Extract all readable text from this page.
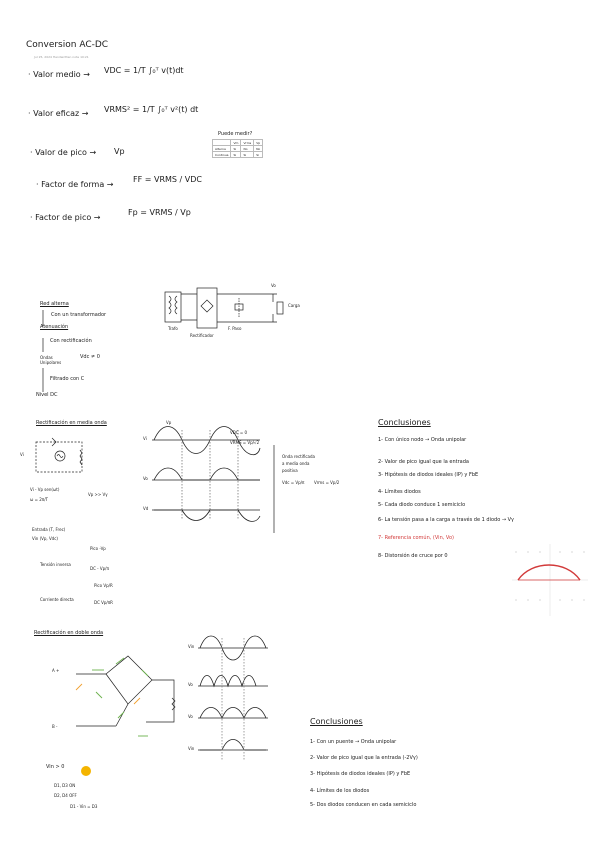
Conversion AC-DC
Jul 25, 2024 Handwritten note 10:21
· Valor medio → VDC = 1/T ∫₀ᵀ v(t)dt
· Valor eficaz → VRMS² = 1/T ∫₀ᵀ v²(t) dt
· Valor de pico → Vp
· Factor de forma →
FF = VRMS / VDC
· Factor de pico →
Fp = VRMS / Vp
Puede medir?
	Vm	Vrms	Vp
Alterna	Si	No	No
Continua	Si	Si	Si
Red alterna
Con un transformador
Atenuación
Con rectificación
Ondas Unipolares
Vdc ≠ 0
Filtrado con C
Nivel DC
Trafo
Rectificador
F. Paso
Carga
Vo
Rectificación en media onda
Vi
Vi - Vp sen(ωt)
ω = 2π/T
Vp >> Vγ
Entrada (T, Frec)
Vin (Vp, Vdc)
Tensión inversa
Pico -Vp
DC - Vp/π
Corriente directa
Pico Vp/R
DC Vp/πR
Vi
Vo
Vd
Vp
VDC = 0
VRMS = Vp/√2
Onda rectificada
a media onda
positiva
Vdc = Vp/π Vrms = Vp/2
Conclusiones
1- Con único nodo → Onda unipolar
2- Valor de pico igual que la entrada
3- Hipótesis de diodos ideales (IP) y FbE
4- Límites diodos
5- Cada diodo conduce 1 semiciclo
6- La tensión pasa a la carga a través de 1 diodo → Vγ
7- Referencia común, (Vin, Vo)
8- Distorsión de cruce por 0
Rectificación en doble onda
A +
B -
Vin > 0
D1, D3 ON
D2, D4 OFF
D1 - Vin = D3
Vin
Vo
Vo
Vin
Conclusiones
1- Con un puente → Onda unipolar
2- Valor de pico igual que la entrada (-2Vγ)
3- Hipótesis de diodos ideales (IP) y FbE
4- Límites de los diodos
5- Dos diodos conducen en cada semiciclo
